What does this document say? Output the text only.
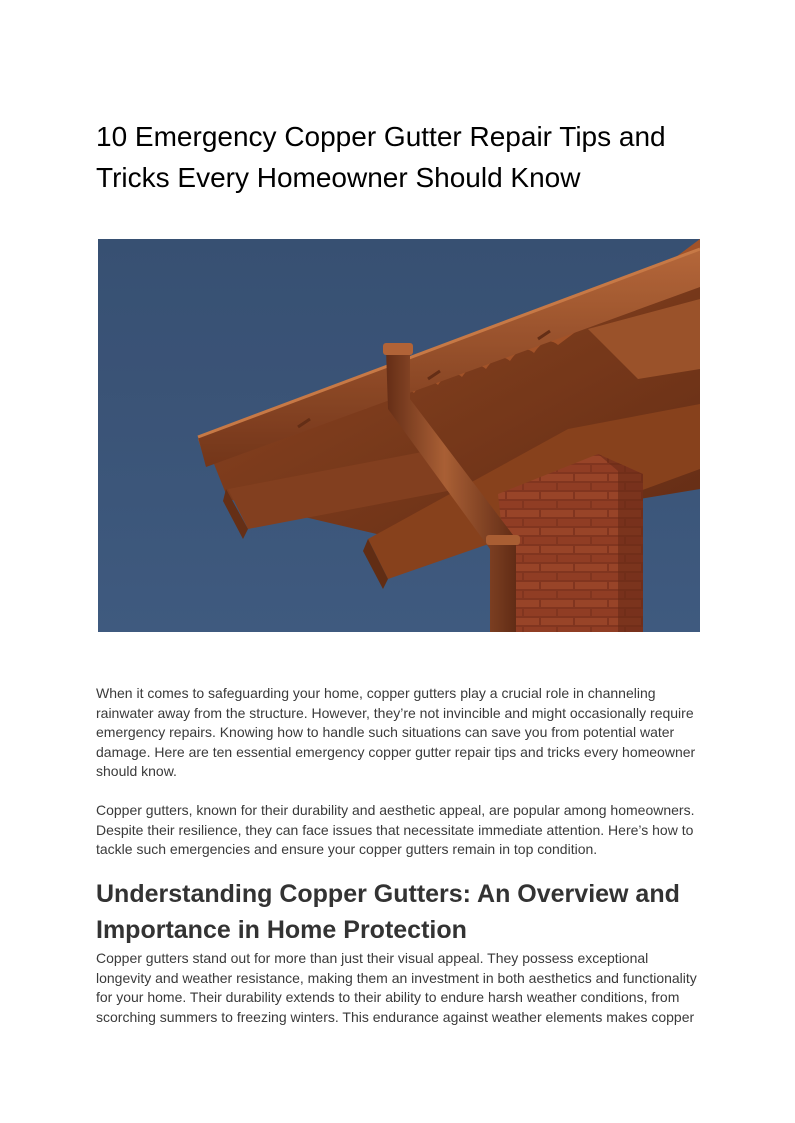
10 Emergency Copper Gutter Repair Tips and Tricks Every Homeowner Should Know

When it comes to safeguarding your home, copper gutters play a crucial role in channeling rainwater away from the structure. However, they’re not invincible and might occasionally require emergency repairs. Knowing how to handle such situations can save you from potential water damage. Here are ten essential emergency copper gutter repair tips and tricks every homeowner should know.

Copper gutters, known for their durability and aesthetic appeal, are popular among homeowners. Despite their resilience, they can face issues that necessitate immediate attention. Here’s how to tackle such emergencies and ensure your copper gutters remain in top condition.

Understanding Copper Gutters: An Overview and Importance in Home Protection

Copper gutters stand out for more than just their visual appeal. They possess exceptional longevity and weather resistance, making them an investment in both aesthetics and functionality for your home. Their durability extends to their ability to endure harsh weather conditions, from scorching summers to freezing winters. This endurance against weather elements makes copper
